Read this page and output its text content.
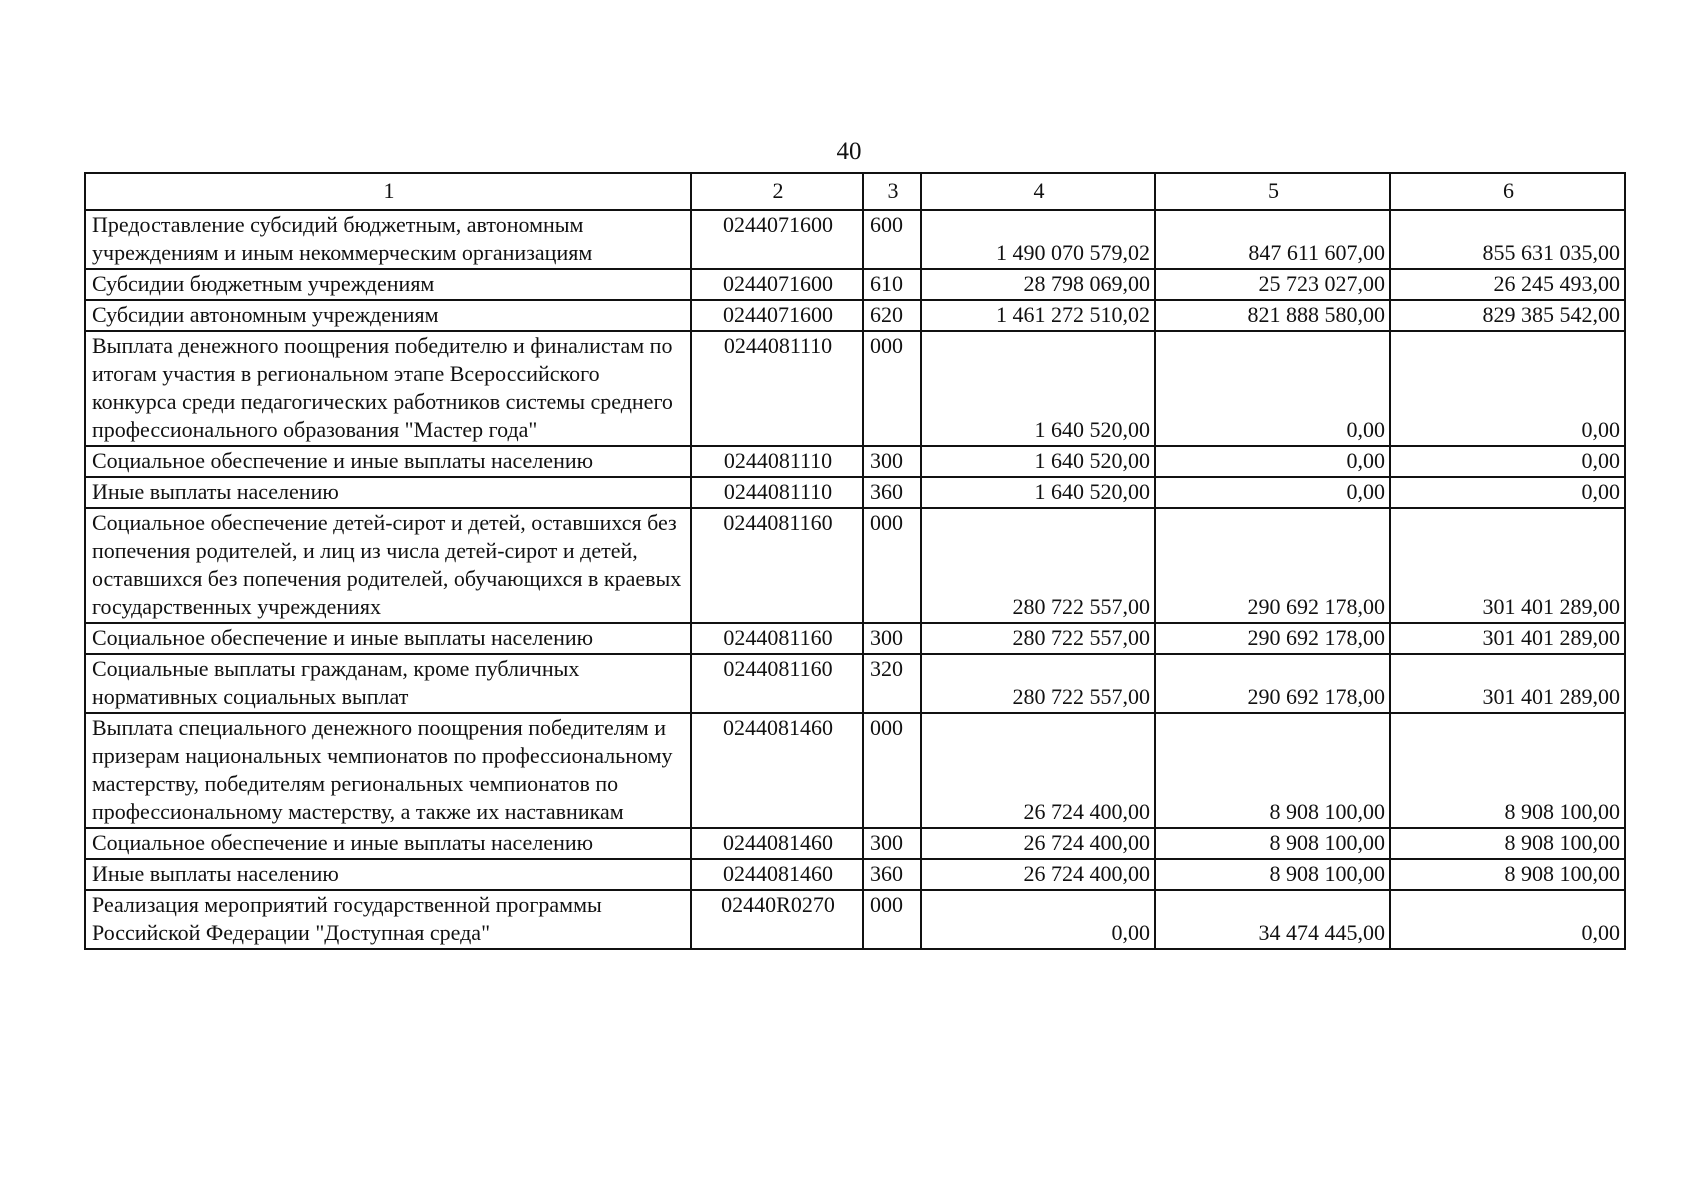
40
1	2	3	4	5	6
Предоставление субсидий бюджетным, автономным учреждениям и иным некоммерческим организациям	0244071600	600	1 490 070 579,02	847 611 607,00	855 631 035,00
Субсидии бюджетным учреждениям	0244071600	610	28 798 069,00	25 723 027,00	26 245 493,00
Субсидии автономным учреждениям	0244071600	620	1 461 272 510,02	821 888 580,00	829 385 542,00
Выплата денежного поощрения победителю и финалистам по итогам участия в региональном этапе Всероссийского конкурса среди педагогических работников системы среднего профессионального образования "Мастер года"	0244081110	000	1 640 520,00	0,00	0,00
Социальное обеспечение и иные выплаты населению	0244081110	300	1 640 520,00	0,00	0,00
Иные выплаты населению	0244081110	360	1 640 520,00	0,00	0,00
Социальное обеспечение детей-сирот и детей, оставшихся без попечения родителей, и лиц из числа детей-сирот и детей, оставшихся без попечения родителей, обучающихся в краевых государственных учреждениях	0244081160	000	280 722 557,00	290 692 178,00	301 401 289,00
Социальное обеспечение и иные выплаты населению	0244081160	300	280 722 557,00	290 692 178,00	301 401 289,00
Социальные выплаты гражданам, кроме публичных нормативных социальных выплат	0244081160	320	280 722 557,00	290 692 178,00	301 401 289,00
Выплата специального денежного поощрения победителям и призерам национальных чемпионатов по профессиональному мастерству, победителям региональных чемпионатов по профессиональному мастерству, а также их наставникам	0244081460	000	26 724 400,00	8 908 100,00	8 908 100,00
Социальное обеспечение и иные выплаты населению	0244081460	300	26 724 400,00	8 908 100,00	8 908 100,00
Иные выплаты населению	0244081460	360	26 724 400,00	8 908 100,00	8 908 100,00
Реализация мероприятий государственной программы Российской Федерации "Доступная среда"	02440R0270	000	0,00	34 474 445,00	0,00
